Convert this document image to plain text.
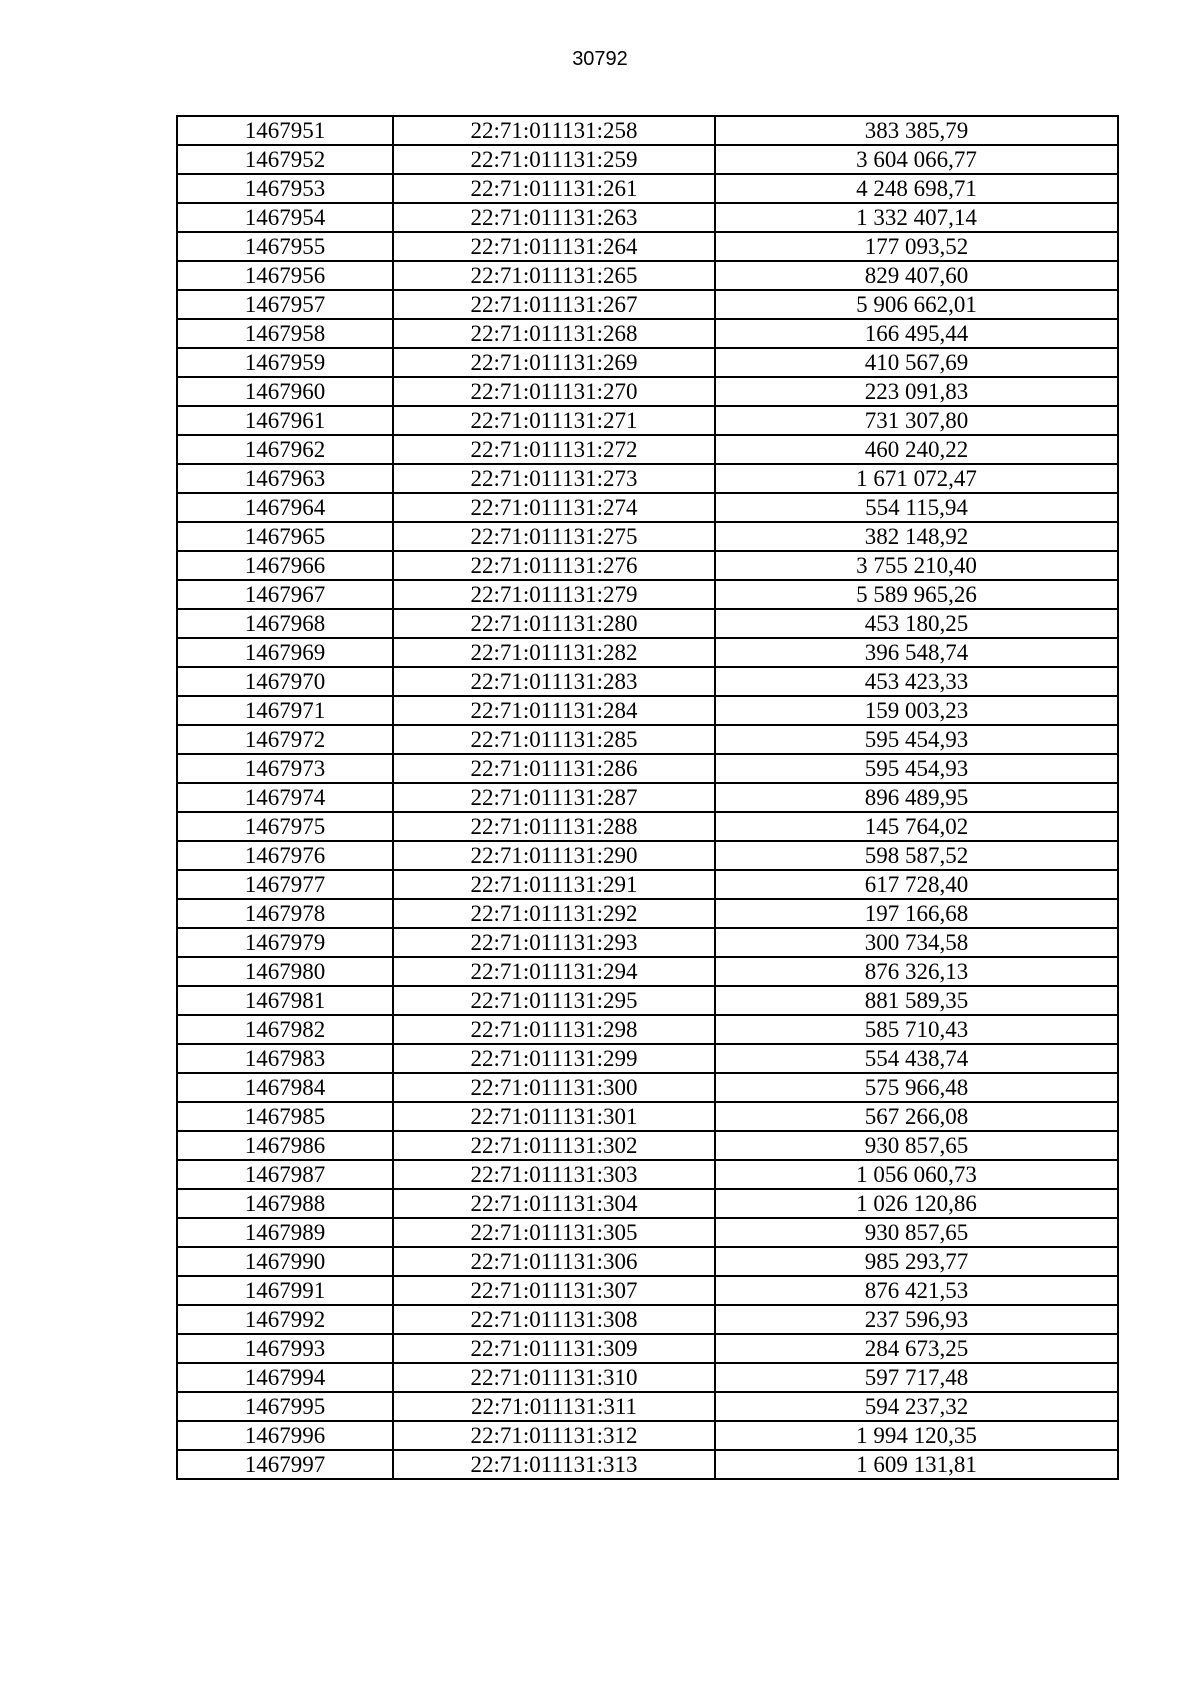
30792
1467951	22:71:011131:258	383 385,79
1467952	22:71:011131:259	3 604 066,77
1467953	22:71:011131:261	4 248 698,71
1467954	22:71:011131:263	1 332 407,14
1467955	22:71:011131:264	177 093,52
1467956	22:71:011131:265	829 407,60
1467957	22:71:011131:267	5 906 662,01
1467958	22:71:011131:268	166 495,44
1467959	22:71:011131:269	410 567,69
1467960	22:71:011131:270	223 091,83
1467961	22:71:011131:271	731 307,80
1467962	22:71:011131:272	460 240,22
1467963	22:71:011131:273	1 671 072,47
1467964	22:71:011131:274	554 115,94
1467965	22:71:011131:275	382 148,92
1467966	22:71:011131:276	3 755 210,40
1467967	22:71:011131:279	5 589 965,26
1467968	22:71:011131:280	453 180,25
1467969	22:71:011131:282	396 548,74
1467970	22:71:011131:283	453 423,33
1467971	22:71:011131:284	159 003,23
1467972	22:71:011131:285	595 454,93
1467973	22:71:011131:286	595 454,93
1467974	22:71:011131:287	896 489,95
1467975	22:71:011131:288	145 764,02
1467976	22:71:011131:290	598 587,52
1467977	22:71:011131:291	617 728,40
1467978	22:71:011131:292	197 166,68
1467979	22:71:011131:293	300 734,58
1467980	22:71:011131:294	876 326,13
1467981	22:71:011131:295	881 589,35
1467982	22:71:011131:298	585 710,43
1467983	22:71:011131:299	554 438,74
1467984	22:71:011131:300	575 966,48
1467985	22:71:011131:301	567 266,08
1467986	22:71:011131:302	930 857,65
1467987	22:71:011131:303	1 056 060,73
1467988	22:71:011131:304	1 026 120,86
1467989	22:71:011131:305	930 857,65
1467990	22:71:011131:306	985 293,77
1467991	22:71:011131:307	876 421,53
1467992	22:71:011131:308	237 596,93
1467993	22:71:011131:309	284 673,25
1467994	22:71:011131:310	597 717,48
1467995	22:71:011131:311	594 237,32
1467996	22:71:011131:312	1 994 120,35
1467997	22:71:011131:313	1 609 131,81
